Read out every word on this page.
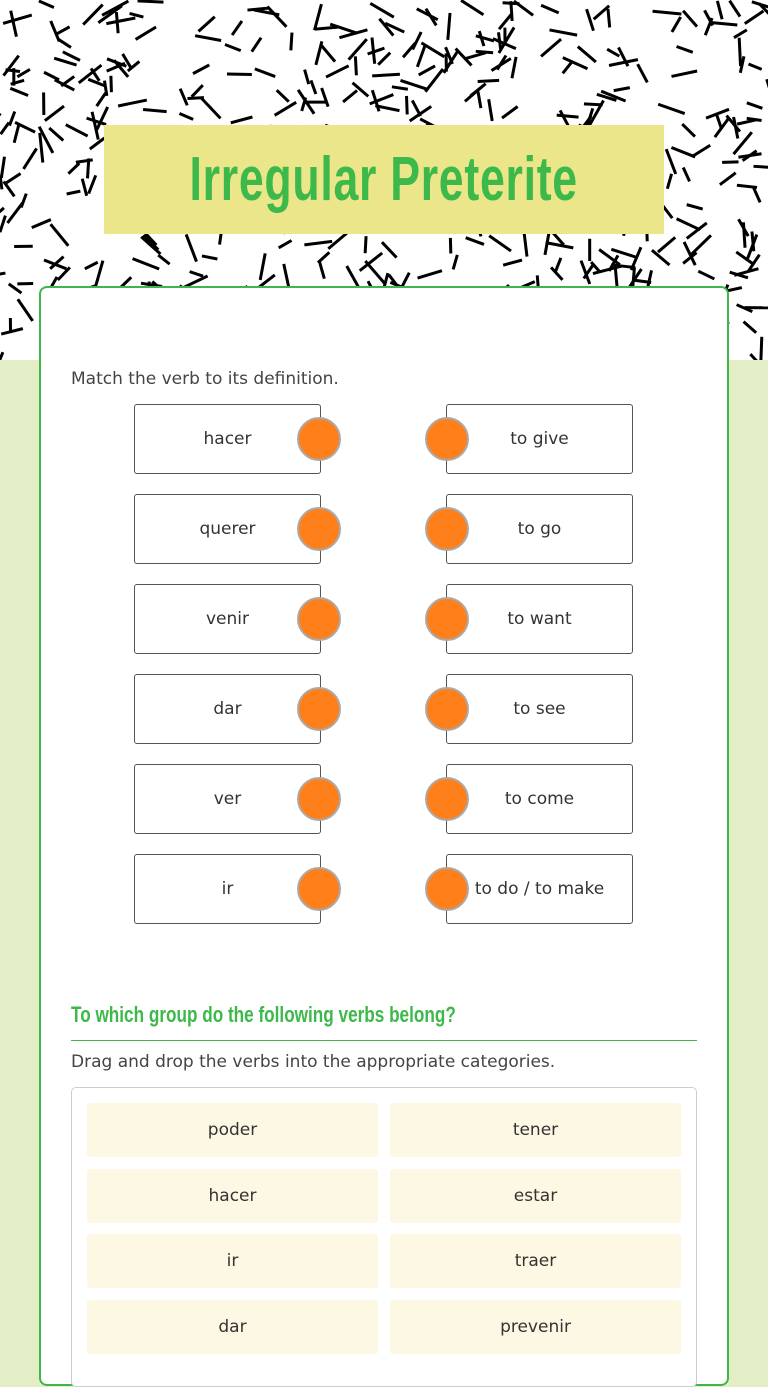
Irregular Preterite
Match the verb to its definition.
hacer	to give
querer	to go
venir	to want
dar	to see
ver	to come
ir	to do / to make
To which group do the following verbs belong?
Drag and drop the verbs into the appropriate categories.
poder	tener
hacer	estar
ir	traer
dar	prevenir
